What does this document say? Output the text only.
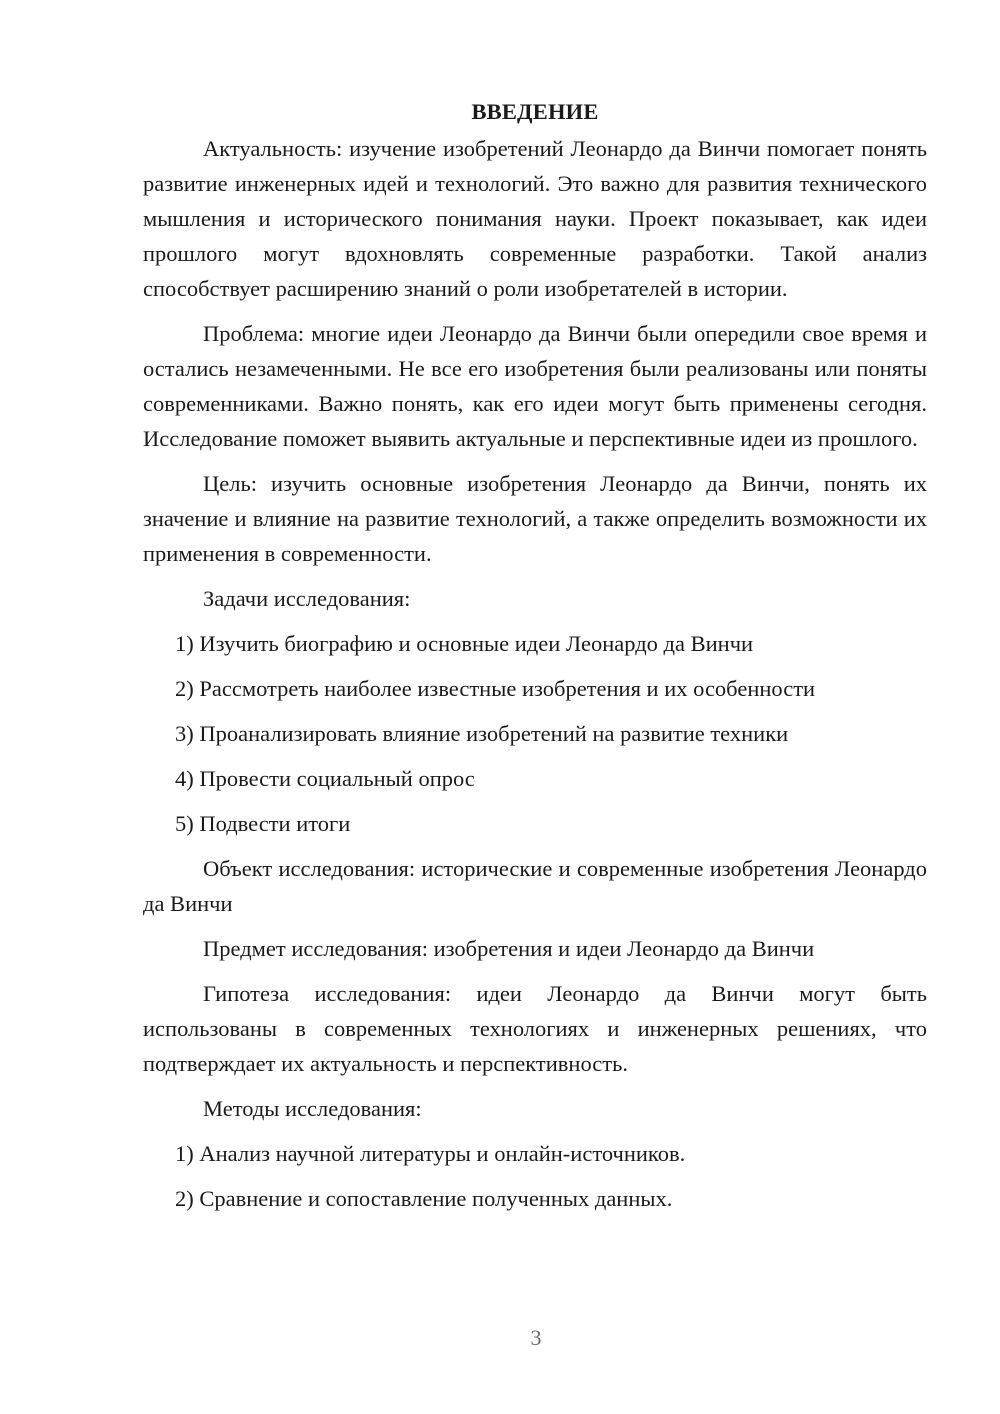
ВВЕДЕНИЕ

Актуальность: изучение изобретений Леонардо да Винчи помогает понять развитие инженерных идей и технологий. Это важно для развития технического мышления и исторического понимания науки. Проект показывает, как идеи прошлого могут вдохновлять современные разработки. Такой анализ способствует расширению знаний о роли изобретателей в истории.

Проблема: многие идеи Леонардо да Винчи были опередили свое время и остались незамеченными. Не все его изобретения были реализованы или поняты современниками. Важно понять, как его идеи могут быть применены сегодня. Исследование поможет выявить актуальные и перспективные идеи из прошлого.

Цель: изучить основные изобретения Леонардо да Винчи, понять их значение и влияние на развитие технологий, а также определить возможности их применения в современности.

Задачи исследования:

1) Изучить биографию и основные идеи Леонардо да Винчи
2) Рассмотреть наиболее известные изобретения и их особенности
3) Проанализировать влияние изобретений на развитие техники
4) Провести социальный опрос
5) Подвести итоги

Объект исследования: исторические и современные изобретения Леонардо да Винчи

Предмет исследования: изобретения и идеи Леонардо да Винчи

Гипотеза исследования: идеи Леонардо да Винчи могут быть использованы в современных технологиях и инженерных решениях, что подтверждает их актуальность и перспективность.

Методы исследования:

1) Анализ научной литературы и онлайн-источников.
2) Сравнение и сопоставление полученных данных.
3
